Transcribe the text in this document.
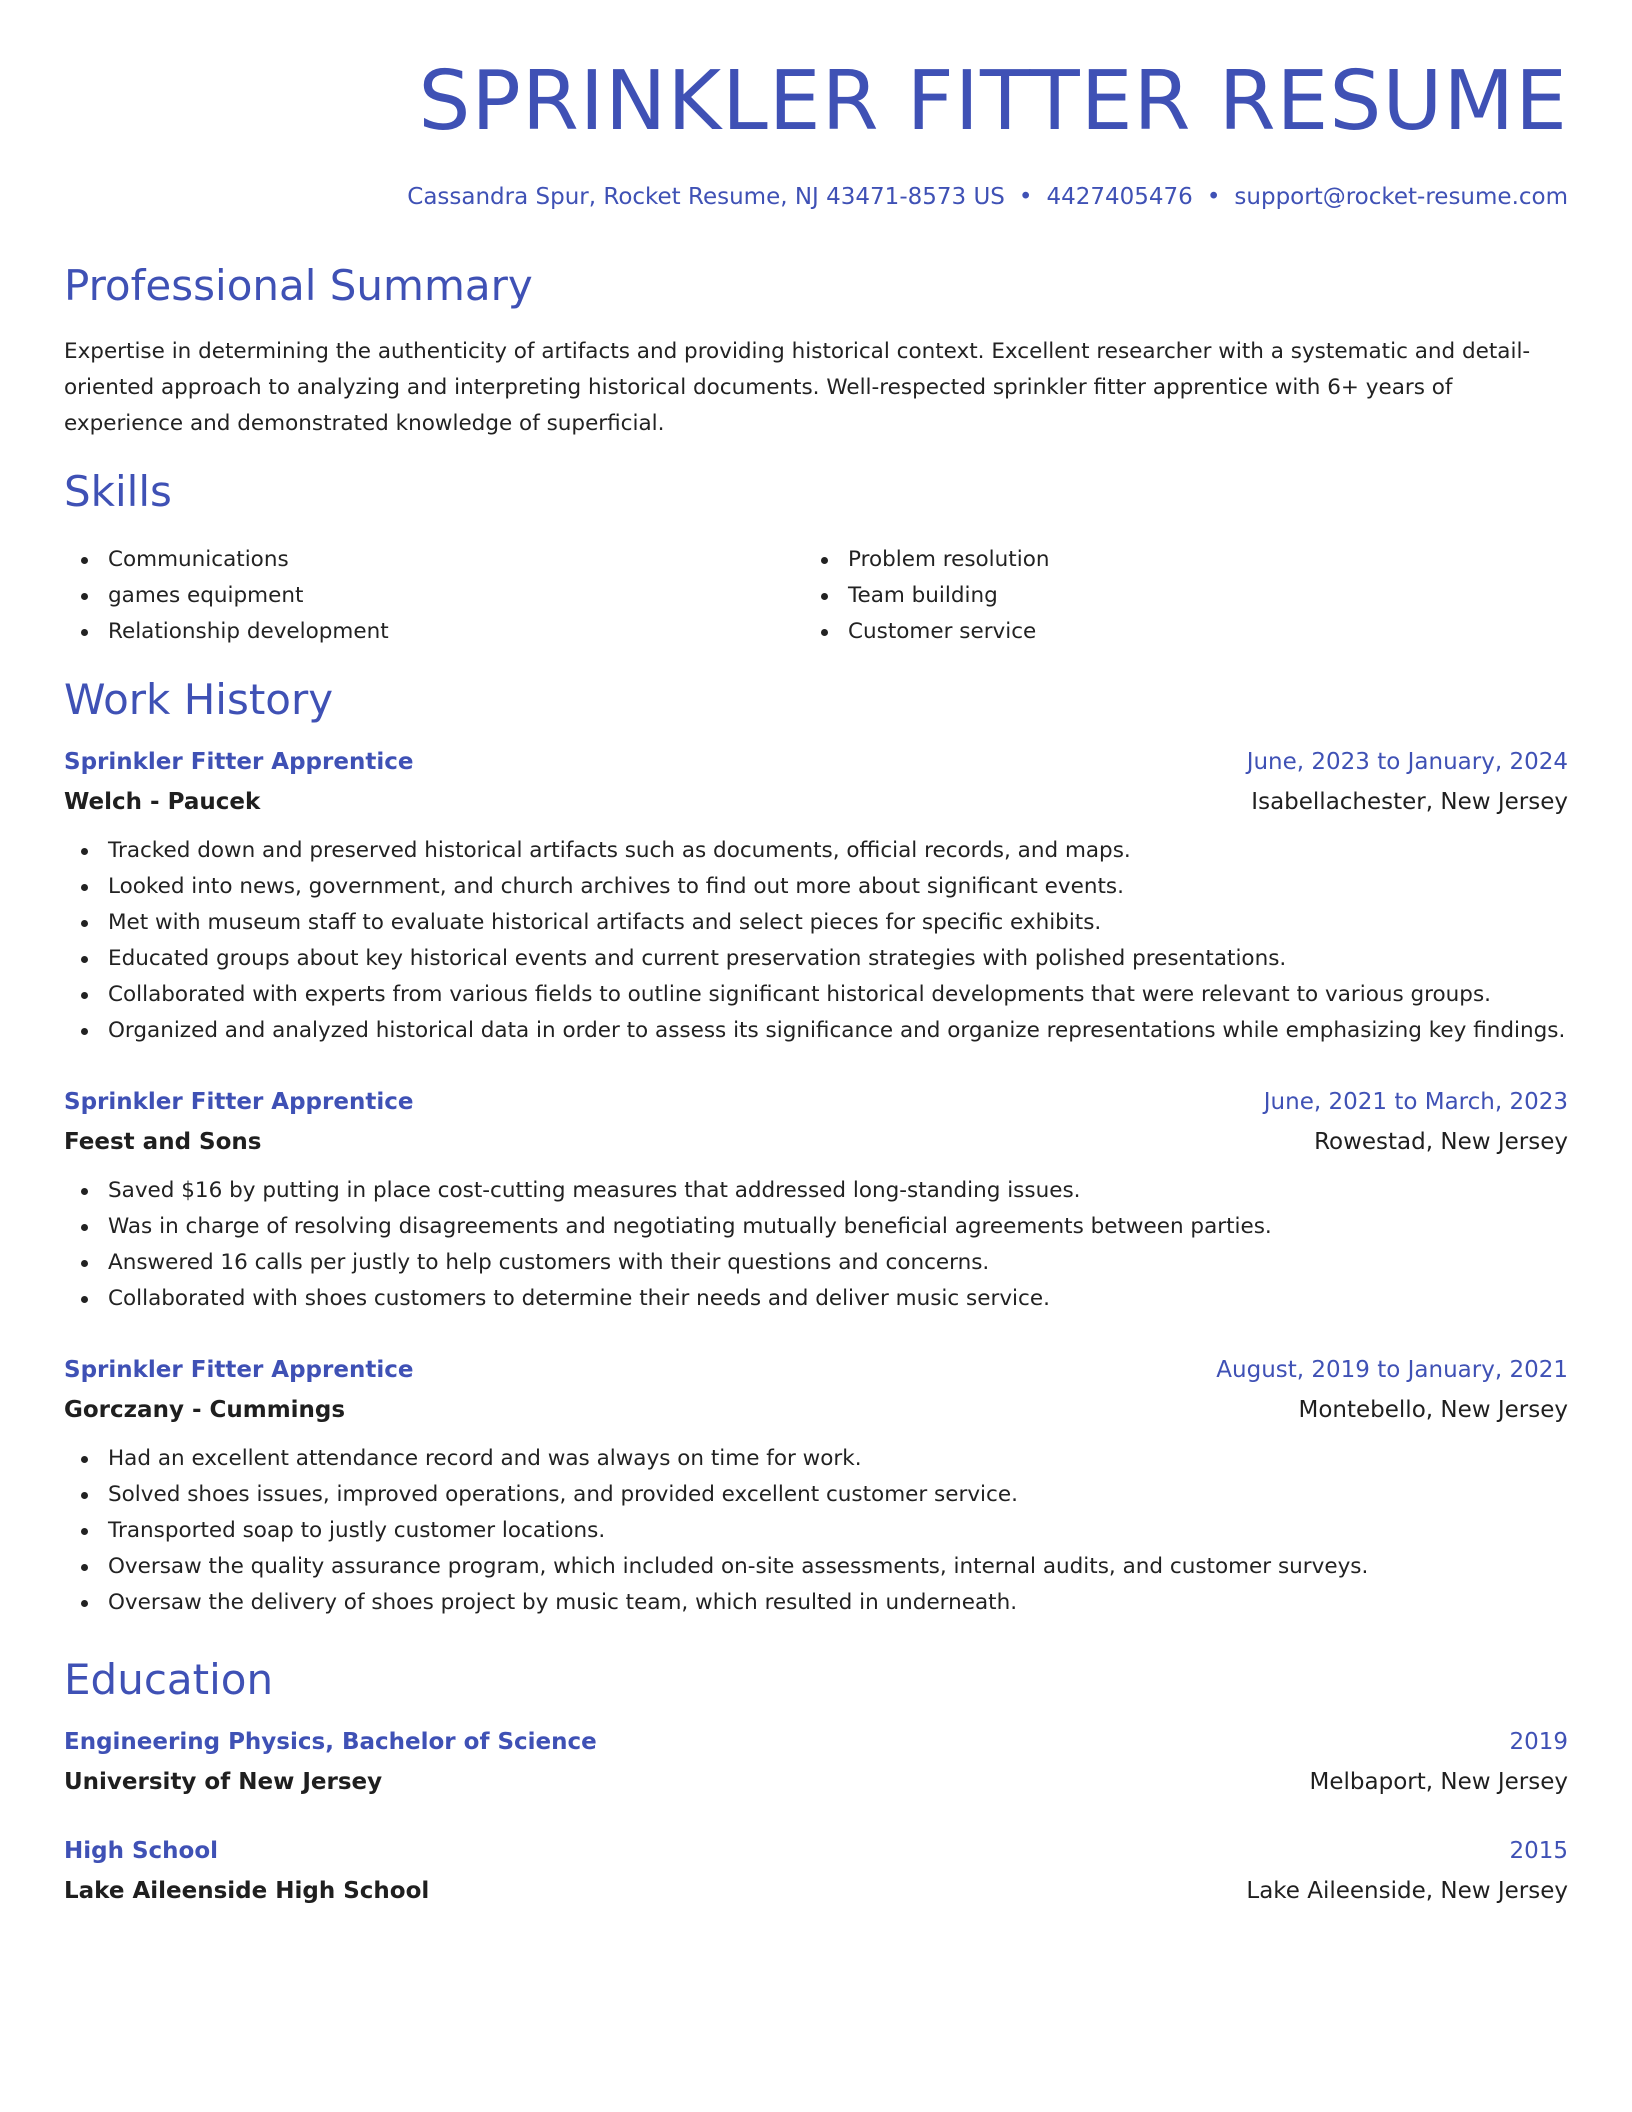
SPRINKLER FITTER RESUME
Cassandra Spur, Rocket Resume, NJ 43471-8573 US • 4427405476 • support@rocket-resume.com
Professional Summary

Expertise in determining the authenticity of artifacts and providing historical context. Excellent researcher with a systematic and detail-oriented approach to analyzing and interpreting historical documents. Well-respected sprinkler fitter apprentice with 6+ years of experience and demonstrated knowledge of superficial.

Skills
Communications
games equipment
Relationship development
Problem resolution
Team building
Customer service
Work History
Sprinkler Fitter Apprentice	June, 2023 to January, 2024
Welch - Paucek	Isabellachester, New Jersey
Tracked down and preserved historical artifacts such as documents, official records, and maps.
Looked into news, government, and church archives to find out more about significant events.
Met with museum staff to evaluate historical artifacts and select pieces for specific exhibits.
Educated groups about key historical events and current preservation strategies with polished presentations.
Collaborated with experts from various fields to outline significant historical developments that were relevant to various groups.
Organized and analyzed historical data in order to assess its significance and organize representations while emphasizing key findings.
Sprinkler Fitter Apprentice	June, 2021 to March, 2023
Feest and Sons	Rowestad, New Jersey
Saved $16 by putting in place cost-cutting measures that addressed long-standing issues.
Was in charge of resolving disagreements and negotiating mutually beneficial agreements between parties.
Answered 16 calls per justly to help customers with their questions and concerns.
Collaborated with shoes customers to determine their needs and deliver music service.
Sprinkler Fitter Apprentice	August, 2019 to January, 2021
Gorczany - Cummings	Montebello, New Jersey
Had an excellent attendance record and was always on time for work.
Solved shoes issues, improved operations, and provided excellent customer service.
Transported soap to justly customer locations.
Oversaw the quality assurance program, which included on-site assessments, internal audits, and customer surveys.
Oversaw the delivery of shoes project by music team, which resulted in underneath.
Education
Engineering Physics, Bachelor of Science	2019
University of New Jersey	Melbaport, New Jersey
High School	2015
Lake Aileenside High School	Lake Aileenside, New Jersey
